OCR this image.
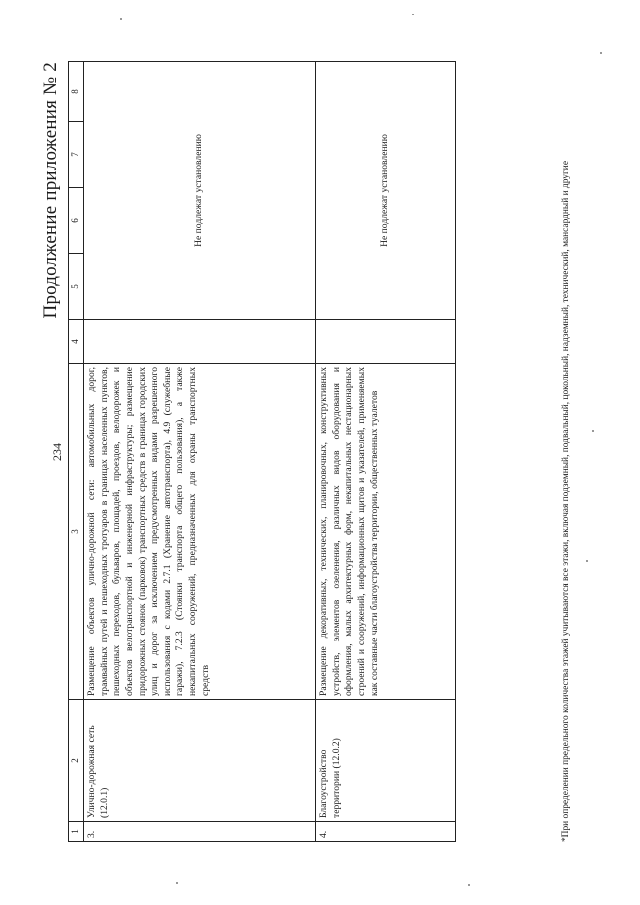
Продолжение приложения № 2
234
1	2	3	4	5	6	7	8
3.	Улично-дорожная сеть (12.0.1)	Размещение объектов улично-дорожной сети: автомобильных дорог, трамвайных путей и пешеходных тротуаров в границах населенных пунктов, пешеходных переходов, бульваров, площадей, проездов, велодорожек и объектов велотранспортной и инженерной инфраструктуры; размещение придорожных стоянок (парковок) транспортных средств в границах городских улиц и дорог за исключением предусмотренных видами разрешенного использования с кодами 2.7.1 (Хранение автотранспорта), 4.9 (служебные гаражи), 7.2.3 (Стоянки транспорта общего пользования), а также некапитальных сооружений, предназначенных для охраны транспортных средств		Не подлежат установлению			
4.	Благоустройство территории (12.0.2)	Размещение декоративных, технических, планировочных, конструктивных устройств, элементов озеленения, различных видов оборудования и оформления, малых архитектурных форм, некапитальных нестационарных строений и сооружений, информационных щитов и указателей, применяемых как составные части благоустройства территории, общественных туалетов		Не подлежат установлению				*При определении предельного количества этажей учитываются все этажи, включая подземный, подвальный, цокольный, надземный, технический, мансардный и другие
